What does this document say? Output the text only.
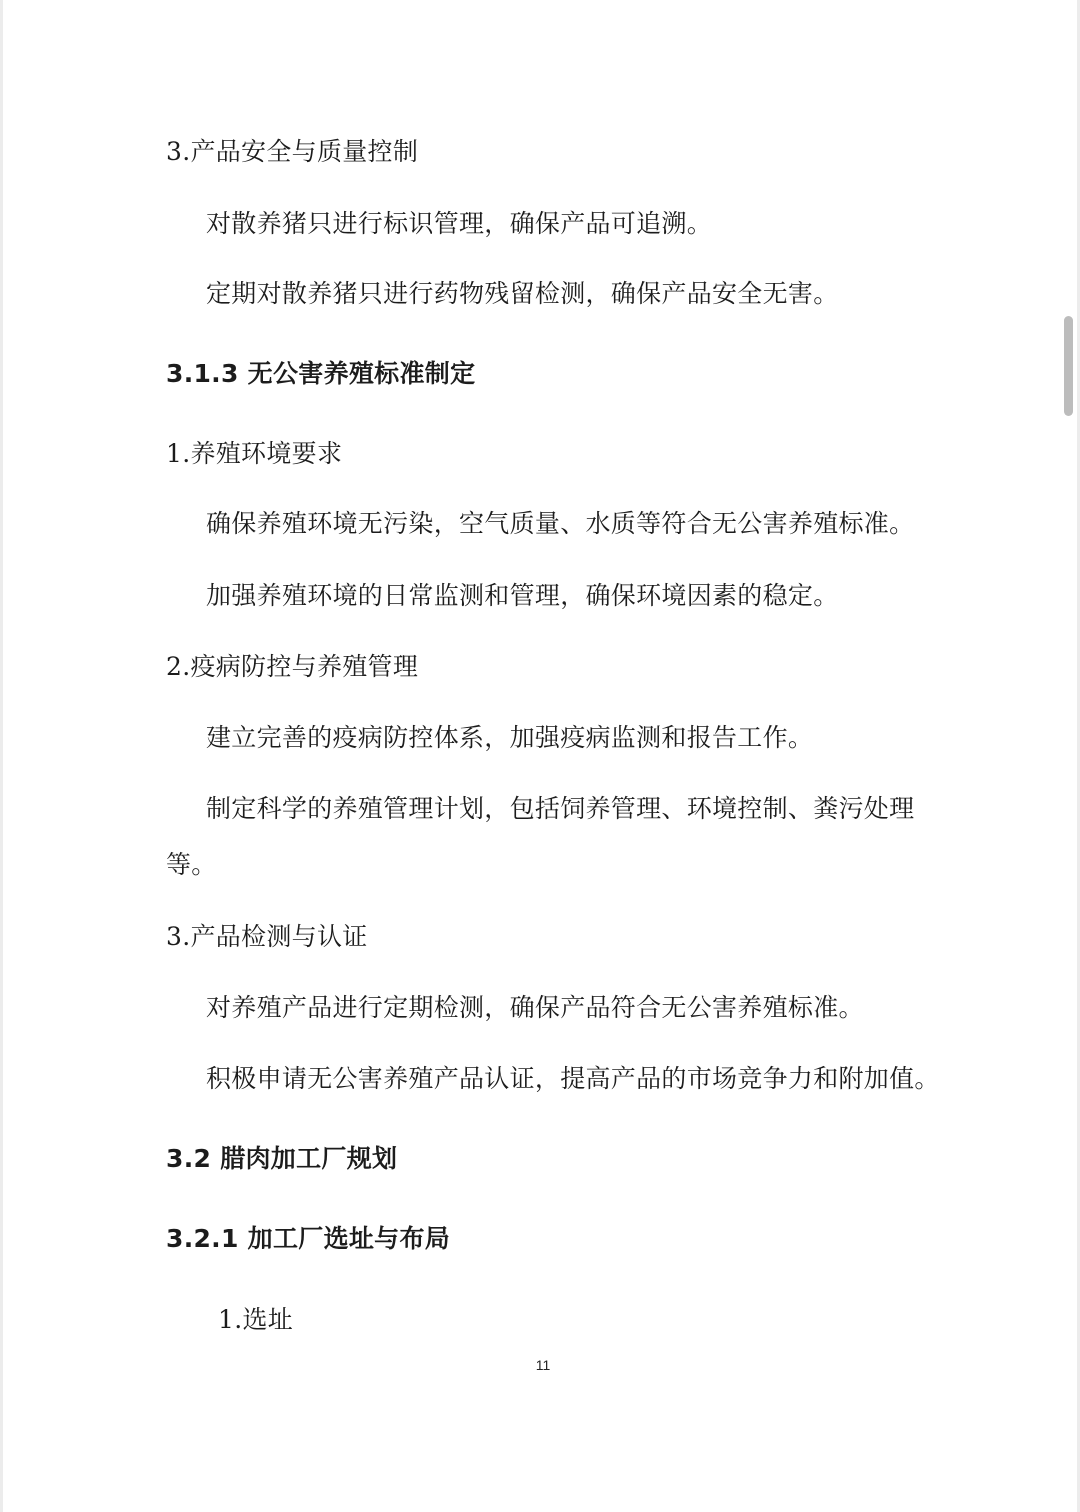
3.产品安全与质量控制
对散养猪只进行标识管理，确保产品可追溯。
定期对散养猪只进行药物残留检测，确保产品安全无害。
3.1.3 无公害养殖标准制定
1.养殖环境要求
确保养殖环境无污染，空气质量、水质等符合无公害养殖标准。
加强养殖环境的日常监测和管理，确保环境因素的稳定。
2.疫病防控与养殖管理
建立完善的疫病防控体系，加强疫病监测和报告工作。
制定科学的养殖管理计划，包括饲养管理、环境控制、粪污处理
等。
3.产品检测与认证
对养殖产品进行定期检测，确保产品符合无公害养殖标准。
积极申请无公害养殖产品认证，提高产品的市场竞争力和附加值。
3.2 腊肉加工厂规划
3.2.1 加工厂选址与布局
1.选址
11
